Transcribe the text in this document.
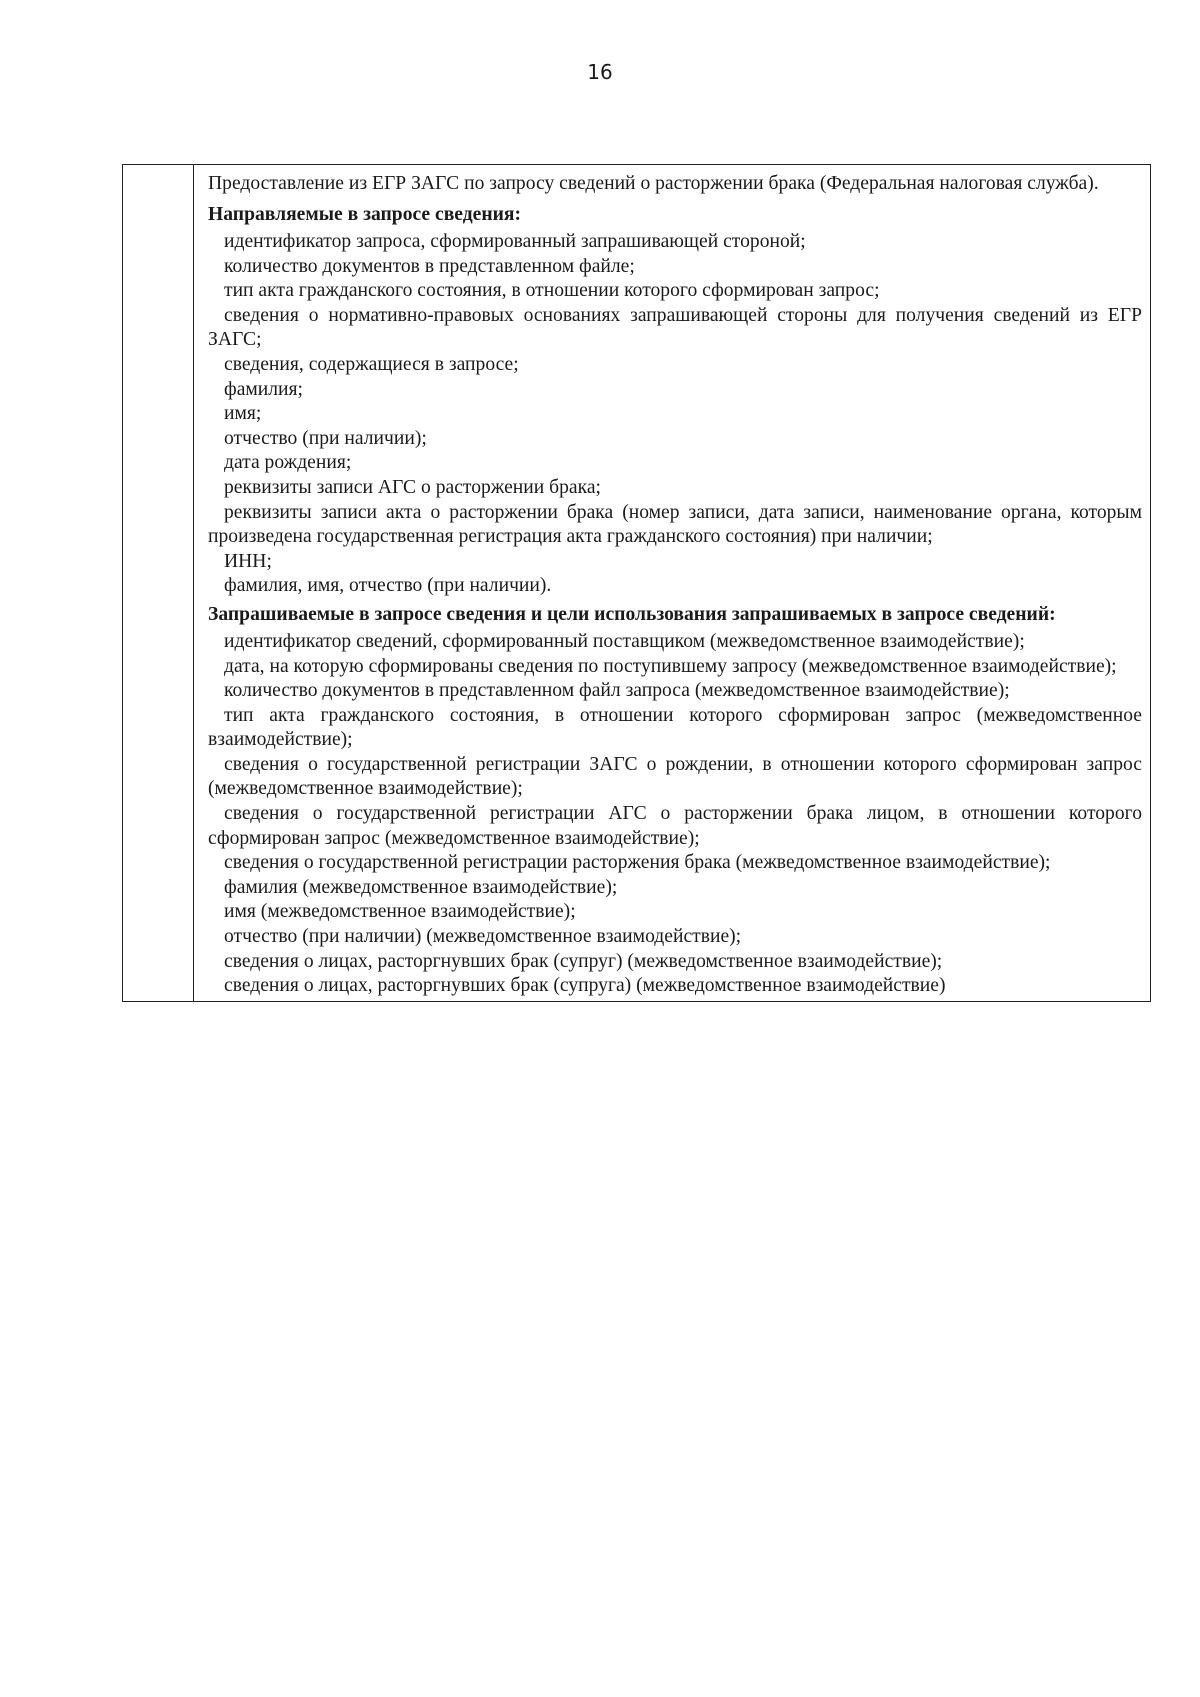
16
Предоставление из ЕГР ЗАГС по запросу сведений о расторжении брака (Федеральная налоговая служба).
Направляемые в запросе сведения:
идентификатор запроса, сформированный запрашивающей стороной;
количество документов в представленном файле;
тип акта гражданского состояния, в отношении которого сформирован запрос;
сведения о нормативно-правовых основаниях запрашивающей стороны для получения сведений из ЕГР ЗАГС;
сведения, содержащиеся в запросе;
фамилия;
имя;
отчество (при наличии);
дата рождения;
реквизиты записи АГС о расторжении брака;
реквизиты записи акта о расторжении брака (номер записи, дата записи, наименование органа, которым произведена государственная регистрация акта гражданского состояния) при наличии;
ИНН;
фамилия, имя, отчество (при наличии).
Запрашиваемые в запросе сведения и цели использования запрашиваемых в запросе сведений:
идентификатор сведений, сформированный поставщиком (межведомственное взаимодействие);
дата, на которую сформированы сведения по поступившему запросу (межведомственное взаимодействие);
количество документов в представленном файл запроса (межведомственное взаимодействие);
тип акта гражданского состояния, в отношении которого сформирован запрос (межведомственное взаимодействие);
сведения о государственной регистрации ЗАГС о рождении, в отношении которого сформирован запрос (межведомственное взаимодействие);
сведения о государственной регистрации АГС о расторжении брака лицом, в отношении которого сформирован запрос (межведомственное взаимодействие);
сведения о государственной регистрации расторжения брака (межведомственное взаимодействие);
фамилия (межведомственное взаимодействие);
имя (межведомственное взаимодействие);
отчество (при наличии) (межведомственное взаимодействие);
сведения о лицах, расторгнувших брак (супруг) (межведомственное взаимодействие);
сведения о лицах, расторгнувших брак (супруга) (межведомственное взаимодействие)
